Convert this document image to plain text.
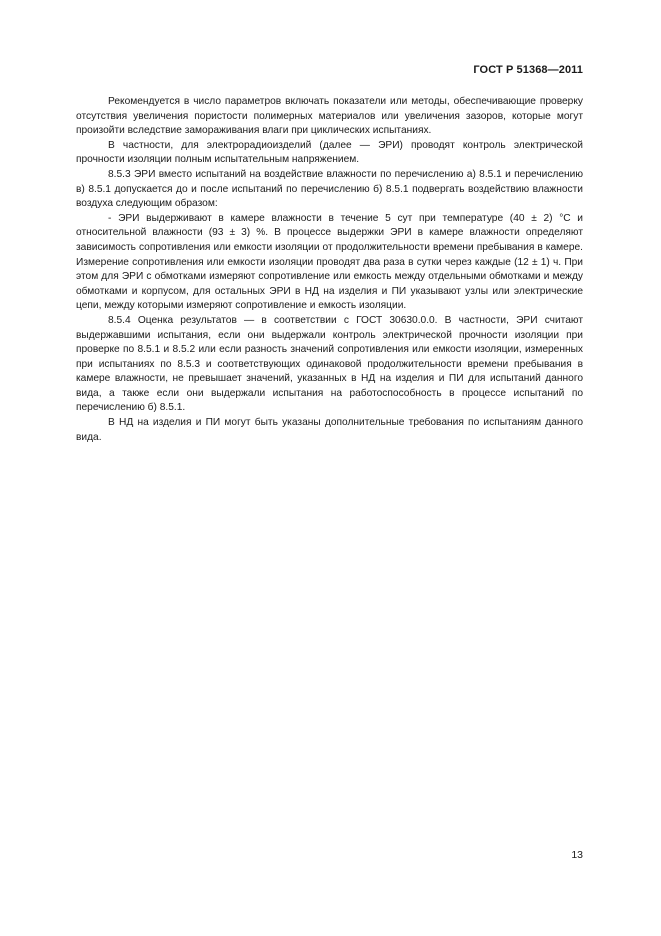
ГОСТ Р 51368—2011

Рекомендуется в число параметров включать показатели или методы, обеспечивающие проверку отсутствия увеличения пористости полимерных материалов или увеличения зазоров, которые могут произойти вследствие замораживания влаги при циклических испытаниях.

В частности, для электрорадиоизделий (далее — ЭРИ) проводят контроль электрической прочности изоляции полным испытательным напряжением.

8.5.3 ЭРИ вместо испытаний на воздействие влажности по перечислению а) 8.5.1 и перечислению в) 8.5.1 допускается до и после испытаний по перечислению б) 8.5.1 подвергать воздействию влажности воздуха следующим образом:

- ЭРИ выдерживают в камере влажности в течение 5 сут при температуре (40 ± 2) °С и относительной влажности (93 ± 3) %. В процессе выдержки ЭРИ в камере влажности определяют зависимость сопротивления или емкости изоляции от продолжительности времени пребывания в камере. Измерение сопротивления или емкости изоляции проводят два раза в сутки через каждые (12 ± 1) ч. При этом для ЭРИ с обмотками измеряют сопротивление или емкость между отдельными обмотками и между обмотками и корпусом, для остальных ЭРИ в НД на изделия и ПИ указывают узлы или электрические цепи, между которыми измеряют сопротивление и емкость изоляции.

8.5.4 Оценка результатов — в соответствии с ГОСТ 30630.0.0. В частности, ЭРИ считают выдержавшими испытания, если они выдержали контроль электрической прочности изоляции при проверке по 8.5.1 и 8.5.2 или если разность значений сопротивления или емкости изоляции, измеренных при испытаниях по 8.5.3 и соответствующих одинаковой продолжительности времени пребывания в камере влажности, не превышает значений, указанных в НД на изделия и ПИ для испытаний данного вида, а также если они выдержали испытания на работоспособность в процессе испытаний по перечислению б) 8.5.1.

В НД на изделия и ПИ могут быть указаны дополнительные требования по испытаниям данного вида.

13
